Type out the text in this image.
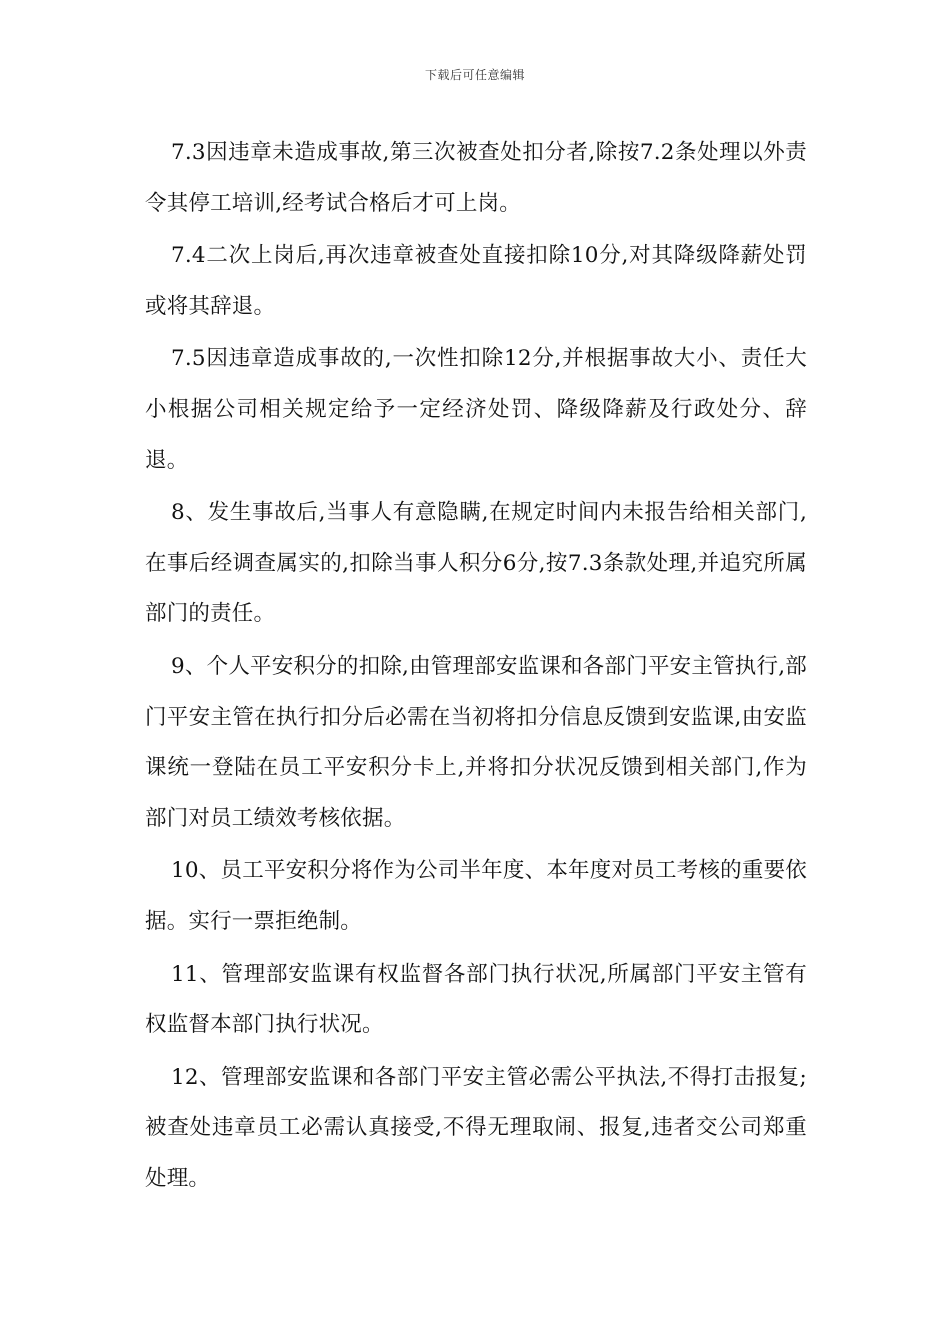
下载后可任意编辑

7.3因违章未造成事故,第三次被查处扣分者,除按7.2条处理以外责令其停工培训,经考试合格后才可上岗。

7.4二次上岗后,再次违章被查处直接扣除10分,对其降级降薪处罚或将其辞退。

7.5因违章造成事故的,一次性扣除12分,并根据事故大小、责任大小根据公司相关规定给予一定经济处罚、降级降薪及行政处分、辞退。

8、发生事故后,当事人有意隐瞒,在规定时间内未报告给相关部门,在事后经调查属实的,扣除当事人积分6分,按7.3条款处理,并追究所属部门的责任。

9、个人平安积分的扣除,由管理部安监课和各部门平安主管执行,部门平安主管在执行扣分后必需在当初将扣分信息反馈到安监课,由安监课统一登陆在员工平安积分卡上,并将扣分状况反馈到相关部门,作为部门对员工绩效考核依据。

10、员工平安积分将作为公司半年度、本年度对员工考核的重要依据。实行一票拒绝制。

11、管理部安监课有权监督各部门执行状况,所属部门平安主管有权监督本部门执行状况。

12、管理部安监课和各部门平安主管必需公平执法,不得打击报复;被查处违章员工必需认真接受,不得无理取闹、报复,违者交公司郑重处理。
